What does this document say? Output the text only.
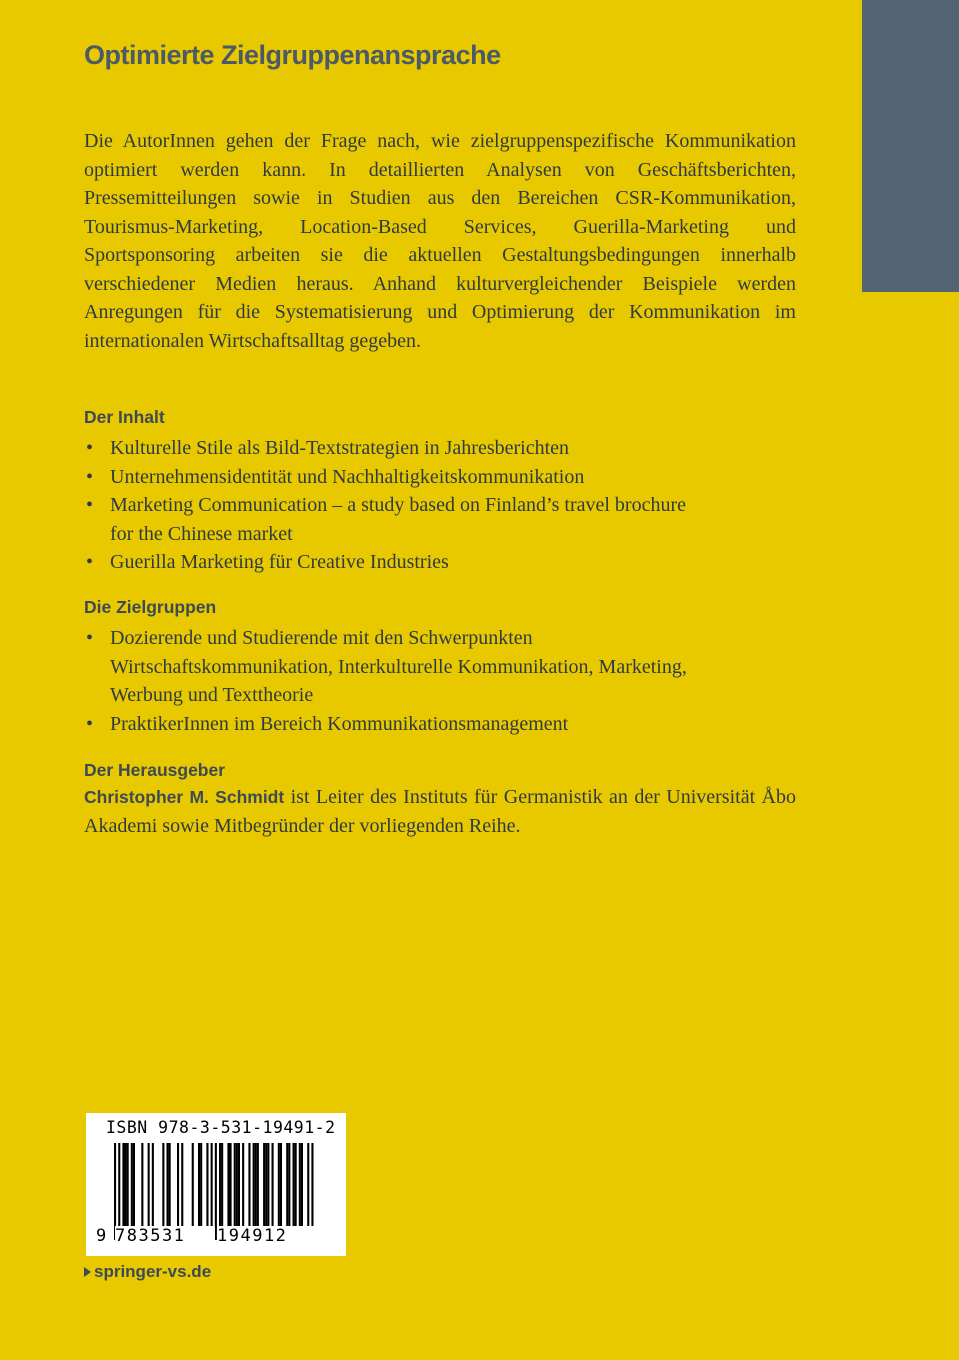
Optimierte Zielgruppenansprache

Die AutorInnen gehen der Frage nach, wie zielgruppenspezifische Kommunikation optimiert werden kann. In detaillierten Analysen von Geschäftsberichten, Pressemitteilungen sowie in Studien aus den Bereichen CSR-Kommunikation, Tourismus-Marketing, Location-Based Services, Guerilla-Marketing und Sportsponsoring arbeiten sie die aktuellen Gestaltungsbedingungen innerhalb verschiedener Medien heraus. Anhand kulturvergleichender Beispiele werden Anregungen für die Systematisierung und Optimierung der Kommunikation im internationalen Wirtschaftsalltag gegeben.

Der Inhalt
• Kulturelle Stile als Bild-Textstrategien in Jahresberichten
• Unternehmensidentität und Nachhaltigkeitskommunikation
• Marketing Communication – a study based on Finland’s travel brochure for the Chinese market
• Guerilla Marketing für Creative Industries
Die Zielgruppen
• Dozierende und Studierende mit den Schwerpunkten Wirtschaftskommunikation, Interkulturelle Kommunikation, Marketing, Werbung und Texttheorie
• PraktikerInnen im Bereich Kommunikationsmanagement
Der Herausgeber

Christopher M. Schmidt ist Leiter des Instituts für Germanistik an der Universität Åbo Akademi sowie Mitbegründer der vorliegenden Reihe.

ISBN 978-3-531-19491-2
9 783531	194912
springer-vs.de
